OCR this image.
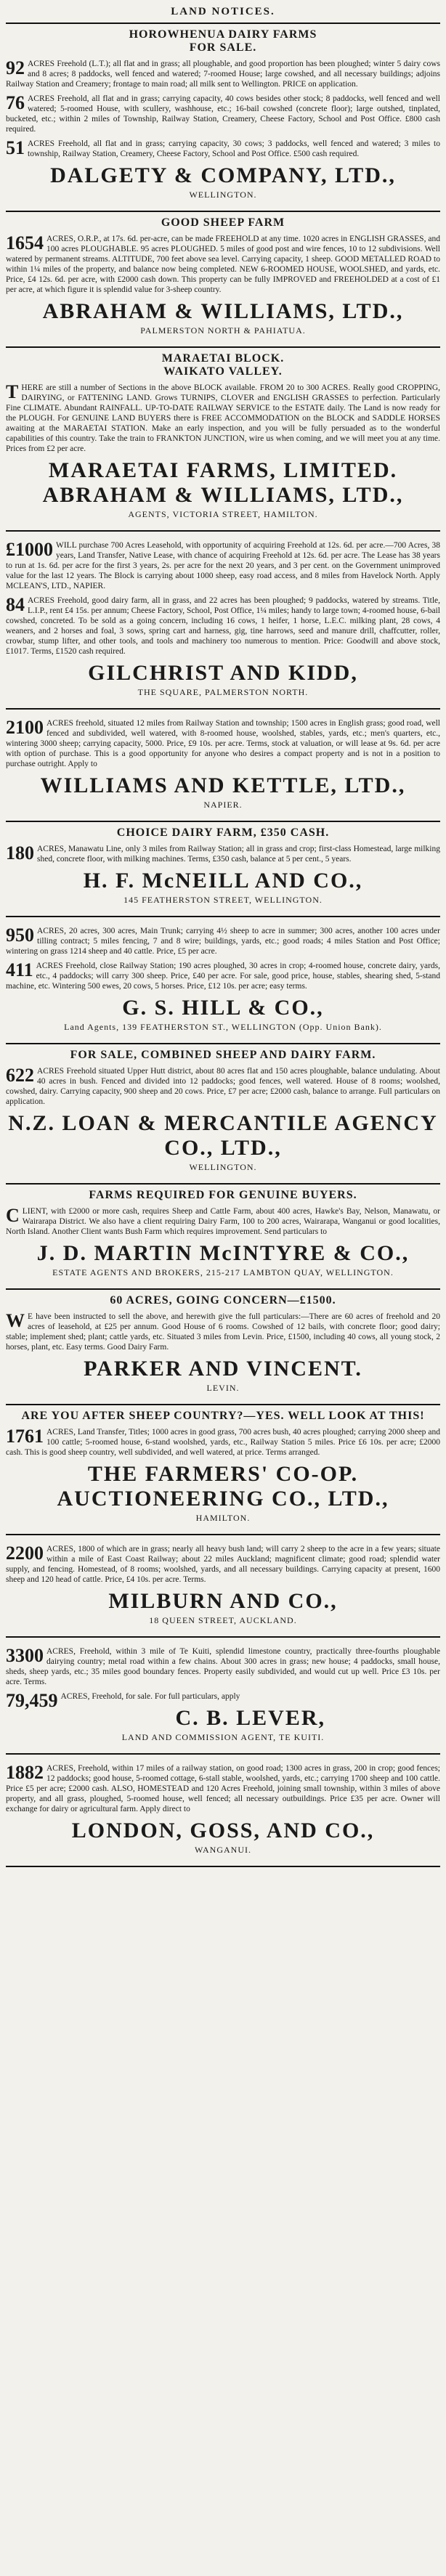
LAND NOTICES.
HOROWHENUA DAIRY FARMS
FOR SALE.
92 ACRES Freehold (L.T.); all flat and in grass; all ploughable, and good proportion has been ploughed; winter 5 dairy cows and 8 acres; 8 paddocks, well fenced and watered; 7-roomed House; large cowshed, and all necessary buildings; adjoins Railway Station and Creamery; frontage to main road; all milk sent to Wellington. PRICE on application.
76 ACRES Freehold, all flat and in grass; carrying capacity, 40 cows besides other stock; 8 paddocks, well fenced and well watered; 5-roomed House, with scullery, washhouse, etc.; 16-bail cowshed (concrete floor); large outshed, tinplated, bucketed, etc.; within 2 miles of Township, Railway Station, Creamery, Cheese Factory, School and Post Office. £800 cash required.
51 ACRES Freehold, all flat and in grass; carrying capacity, 30 cows; 3 paddocks, well fenced and watered; 3 miles to township, Railway Station, Creamery, Cheese Factory, School and Post Office. £500 cash required.
DALGETY & COMPANY, LTD.,
WELLINGTON.
GOOD SHEEP FARM
1654 ACRES, O.R.P., at 17s. 6d. per-acre, can be made FREEHOLD at any time. 1020 acres in ENGLISH GRASSES, and 100 acres PLOUGHABLE. 95 acres PLOUGHED. 5 miles of good post and wire fences, 10 to 12 subdivisions. Well watered by permanent streams. ALTITUDE, 700 feet above sea level. Carrying capacity, 1 sheep. GOOD METALLED ROAD to within 1¼ miles of the property, and balance now being completed. NEW 6-ROOMED HOUSE, WOOLSHED, and yards, etc. Price, £4 12s. 6d. per acre, with £2000 cash down. This property can be fully IMPROVED and FREEHOLDED at a cost of £1 per acre, at which figure it is splendid value for 3-sheep country.
ABRAHAM & WILLIAMS, LTD.,
PALMERSTON NORTH & PAHIATUA.
MARAETAI BLOCK.
WAIKATO VALLEY.
THERE are still a number of Sections in the above BLOCK available. FROM 20 to 300 ACRES. Really good CROPPING, DAIRYING, or FATTENING LAND. Grows TURNIPS, CLOVER and ENGLISH GRASSES to perfection. Particularly Fine CLIMATE. Abundant RAINFALL. UP-TO-DATE RAILWAY SERVICE to the ESTATE daily. The Land is now ready for the PLOUGH. For GENUINE LAND BUYERS there is FREE ACCOMMODATION on the BLOCK and SADDLE HORSES awaiting at the MARAETAI STATION. Make an early inspection, and you will be fully persuaded as to the wonderful capabilities of this country. Take the train to FRANKTON JUNCTION, wire us when coming, and we will meet you at any time. Prices from £2 per acre.
MARAETAI FARMS, LIMITED. ABRAHAM & WILLIAMS, LTD.,
AGENTS, VICTORIA STREET, HAMILTON.
£1000 WILL purchase 700 Acres Leasehold, with opportunity of acquiring Freehold at 12s. 6d. per acre.—700 Acres, 38 years, Land Transfer, Native Lease, with chance of acquiring Freehold at 12s. 6d. per acre. The Lease has 38 years to run at 1s. 6d. per acre for the first 3 years, 2s. per acre for the next 20 years, and 3 per cent. on the Government unimproved value for the last 12 years. The Block is carrying about 1000 sheep, easy road access, and 8 miles from Havelock North. Apply MCLEAN'S, LTD., NAPIER.
84 ACRES Freehold, good dairy farm, all in grass, and 22 acres has been ploughed; 9 paddocks, watered by streams. Title, L.I.P., rent £4 15s. per annum; Cheese Factory, School, Post Office, 1¼ miles; handy to large town; 4-roomed house, 6-bail cowshed, concreted. To be sold as a going concern, including 16 cows, 1 heifer, 1 horse, L.E.C. milking plant, 28 cows, 4 weaners, and 2 horses and foal, 3 sows, spring cart and harness, gig, tine harrows, seed and manure drill, chaffcutter, roller, crowbar, stump lifter, and other tools, and tools and machinery too numerous to mention. Price: Goodwill and above stock, £1017. Terms, £1520 cash required.
GILCHRIST AND KIDD,
THE SQUARE, PALMERSTON NORTH.
2100 ACRES freehold, situated 12 miles from Railway Station and township; 1500 acres in English grass; good road, well fenced and subdivided, well watered, with 8-roomed house, woolshed, stables, yards, etc.; men's quarters, etc., wintering 3000 sheep; carrying capacity, 5000. Price, £9 10s. per acre. Terms, stock at valuation, or will lease at 9s. 6d. per acre with option of purchase. This is a good opportunity for anyone who desires a compact property and is not in a position to purchase outright. Apply to
WILLIAMS AND KETTLE, LTD.,
NAPIER.
CHOICE DAIRY FARM, £350 CASH.
180 ACRES, Manawatu Line, only 3 miles from Railway Station; all in grass and crop; first-class Homestead, large milking shed, concrete floor, with milking machines. Terms, £350 cash, balance at 5 per cent., 5 years.
H. F. McNEILL AND CO.,
145 FEATHERSTON STREET, WELLINGTON.
950 ACRES, 20 acres, 300 acres, Main Trunk; carrying 4½ sheep to acre in summer; 300 acres, another 100 acres under tilling contract; 5 miles fencing, 7 and 8 wire; buildings, yards, etc.; good roads; 4 miles Station and Post Office; wintering on grass 1214 sheep and 40 cattle. Price, £5 per acre.
411 ACRES Freehold, close Railway Station; 190 acres ploughed, 30 acres in crop; 4-roomed house, concrete dairy, yards, etc., 4 paddocks; will carry 300 sheep. Price, £40 per acre. For sale, good price, house, stables, shearing shed, 5-stand machine, etc. Wintering 500 ewes, 20 cows, 5 horses. Price, £12 10s. per acre; easy terms.
G. S. HILL & CO.,
Land Agents, 139 FEATHERSTON ST., WELLINGTON (Opp. Union Bank).
FOR SALE, COMBINED SHEEP AND DAIRY FARM.
622 ACRES Freehold situated Upper Hutt district, about 80 acres flat and 150 acres ploughable, balance undulating. About 40 acres in bush. Fenced and divided into 12 paddocks; good fences, well watered. House of 8 rooms; woolshed, cowshed, dairy. Carrying capacity, 900 sheep and 20 cows. Price, £7 per acre; £2000 cash, balance to arrange. Full particulars on application.
N.Z. LOAN & MERCANTILE AGENCY CO., LTD.,
WELLINGTON.
FARMS REQUIRED FOR GENUINE BUYERS.
CLIENT, with £2000 or more cash, requires Sheep and Cattle Farm, about 400 acres, Hawke's Bay, Nelson, Manawatu, or Wairarapa District. We also have a client requiring Dairy Farm, 100 to 200 acres, Wairarapa, Wanganui or good localities, North Island. Another Client wants Bush Farm which requires improvement. Send particulars to
J. D. MARTIN McINTYRE & CO.,
ESTATE AGENTS AND BROKERS, 215-217 LAMBTON QUAY, WELLINGTON.
60 ACRES, GOING CONCERN—£1500.
W E have been instructed to sell the above, and herewith give the full particulars:—There are 60 acres of freehold and 20 acres of leasehold, at £25 per annum. Good House of 6 rooms. Cowshed of 12 bails, with concrete floor; good dairy; stable; implement shed; plant; cattle yards, etc. Situated 3 miles from Levin. Price, £1500, including 40 cows, all young stock, 2 horses, plant, etc. Easy terms. Good Dairy Farm.
PARKER AND VINCENT.
LEVIN.
ARE YOU AFTER SHEEP COUNTRY?—YES. WELL LOOK AT THIS!
1761 ACRES, Land Transfer, Titles; 1000 acres in good grass, 700 acres bush, 40 acres ploughed; carrying 2000 sheep and 100 cattle; 5-roomed house, 6-stand woolshed, yards, etc., Railway Station 5 miles. Price £6 10s. per acre; £2000 cash. This is good sheep country, well subdivided, and well watered, at price. Terms arranged.
THE FARMERS' CO-OP. AUCTIONEERING CO., LTD.,
HAMILTON.
2200 ACRES, 1800 of which are in grass; nearly all heavy bush land; will carry 2 sheep to the acre in a few years; situate within a mile of East Coast Railway; about 22 miles Auckland; magnificent climate; good road; splendid water supply, and fencing. Homestead, of 8 rooms; woolshed, yards, and all necessary buildings. Carrying capacity at present, 1600 sheep and 120 head of cattle. Price, £4 10s. per acre. Terms.
MILBURN AND CO.,
18 QUEEN STREET, AUCKLAND.
3300 ACRES, Freehold, within 3 mile of Te Kuiti, splendid limestone country, practically three-fourths ploughable dairying country; metal road within a few chains. About 300 acres in grass; new house; 4 paddocks, small house, sheds, sheep yards, etc.; 35 miles good boundary fences. Property easily subdivided, and would cut up well. Price £3 10s. per acre. Terms.
79,459 ACRES, Freehold, for sale. For full particulars, apply
C. B. LEVER,
LAND AND COMMISSION AGENT, TE KUITI.
1882 ACRES, Freehold, within 17 miles of a railway station, on good road; 1300 acres in grass, 200 in crop; good fences; 12 paddocks; good house, 5-roomed cottage, 6-stall stable, woolshed, yards, etc.; carrying 1700 sheep and 100 cattle. Price £5 per acre; £2000 cash. ALSO, HOMESTEAD and 120 Acres Freehold, joining small township, within 3 miles of above property, and all grass, ploughed, 5-roomed house, well fenced; all necessary outbuildings. Price £35 per acre. Owner will exchange for dairy or agricultural farm. Apply direct to
LONDON, GOSS, AND CO.,
WANGANUI.
